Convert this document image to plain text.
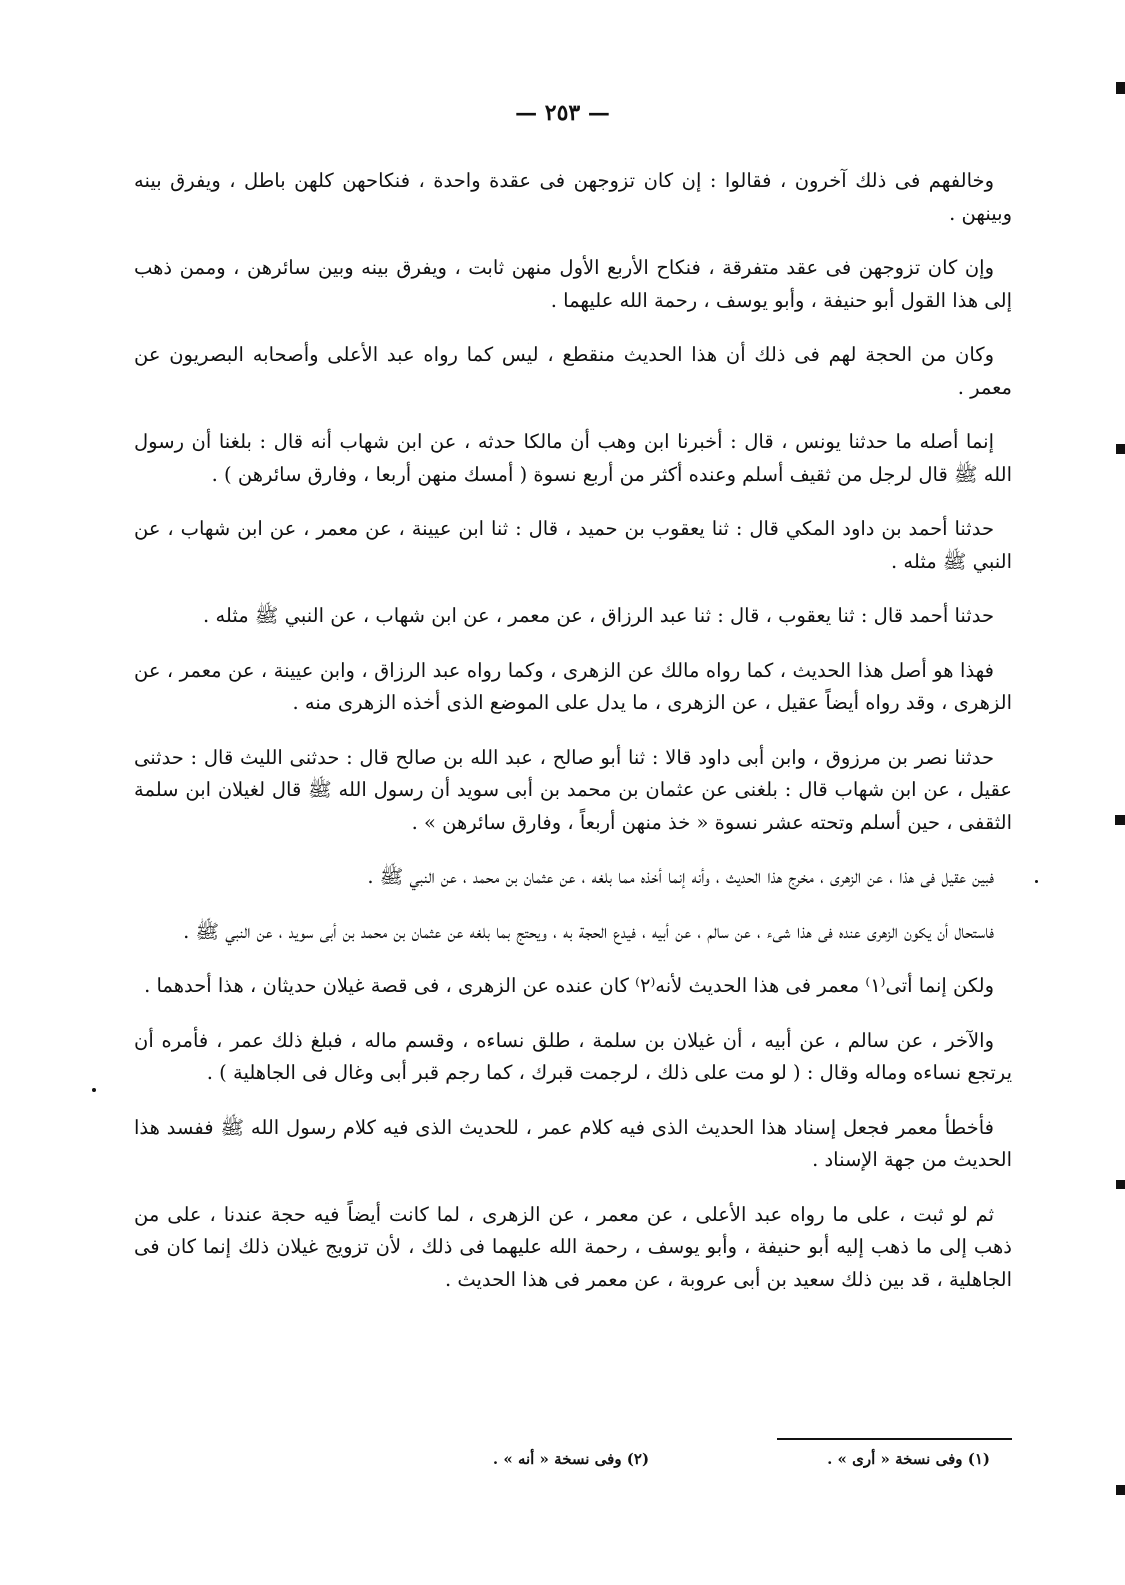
— ٢٥٣ —

وخالفهم فى ذلك آخرون ، فقالوا : إن كان تزوجهن فى عقدة واحدة ، فنكاحهن كلهن باطل ، ويفرق بينه وبينهن .

وإن كان تزوجهن فى عقد متفرقة ، فنكاح الأربع الأول منهن ثابت ، ويفرق بينه وبين سائرهن ، وممن ذهب إلى هذا القول أبو حنيفة ، وأبو يوسف ، رحمة الله عليهما .

وكان من الحجة لهم فى ذلك أن هذا الحديث منقطع ، ليس كما رواه عبد الأعلى وأصحابه البصريون عن معمر .

إنما أصله ما حدثنا يونس ، قال : أخبرنا ابن وهب أن مالكا حدثه ، عن ابن شهاب أنه قال : بلغنا أن رسول الله ﷺ قال لرجل من ثقيف أسلم وعنده أكثر من أربع نسوة ( أمسك منهن أربعا ، وفارق سائرهن ) .

حدثنا أحمد بن داود المكي قال : ثنا يعقوب بن حميد ، قال : ثنا ابن عيينة ، عن معمر ، عن ابن شهاب ، عن النبي ﷺ مثله .

حدثنا أحمد قال : ثنا يعقوب ، قال : ثنا عبد الرزاق ، عن معمر ، عن ابن شهاب ، عن النبي ﷺ مثله .

فهذا هو أصل هذا الحديث ، كما رواه مالك عن الزهرى ، وكما رواه عبد الرزاق ، وابن عيينة ، عن معمر ، عن الزهرى ، وقد رواه أيضاً عقيل ، عن الزهرى ، ما يدل على الموضع الذى أخذه الزهرى منه .

حدثنا نصر بن مرزوق ، وابن أبى داود قالا : ثنا أبو صالح ، عبد الله بن صالح قال : حدثنى الليث قال : حدثنى عقيل ، عن ابن شهاب قال : بلغنى عن عثمان بن محمد بن أبى سويد أن رسول الله ﷺ قال لغيلان ابن سلمة الثقفى ، حين أسلم وتحته عشر نسوة « خذ منهن أربعاً ، وفارق سائرهن » .

فبين عقيل فى هذا ، عن الزهرى ، مخرج هذا الحديث ، وأنه إنما أخذه مما بلغه ، عن عثمان بن محمد ، عن النبي ﷺ .

فاستحال أن يكون الزهرى عنده فى هذا شىء ، عن سالم ، عن أبيه ، فيدع الحجة به ، ويحتج بما بلغه عن عثمان بن محمد بن أبى سويد ، عن النبي ﷺ .

ولكن إنما أتى⁽١⁾ معمر فى هذا الحديث لأنه⁽٢⁾ كان عنده عن الزهرى ، فى قصة غيلان حديثان ، هذا أحدهما .

والآخر ، عن سالم ، عن أبيه ، أن غيلان بن سلمة ، طلق نساءه ، وقسم ماله ، فبلغ ذلك عمر ، فأمره أن يرتجع نساءه وماله وقال : ( لو مت على ذلك ، لرجمت قبرك ، كما رجم قبر أبى وغال فى الجاهلية ) .

فأخطأ معمر فجعل إسناد هذا الحديث الذى فيه كلام عمر ، للحديث الذى فيه كلام رسول الله ﷺ ففسد هذا الحديث من جهة الإسناد .

ثم لو ثبت ، على ما رواه عبد الأعلى ، عن معمر ، عن الزهرى ، لما كانت أيضاً فيه حجة عندنا ، على من ذهب إلى ما ذهب إليه أبو حنيفة ، وأبو يوسف ، رحمة الله عليهما فى ذلك ، لأن تزويج غيلان ذلك إنما كان فى الجاهلية ، قد بين ذلك سعيد بن أبى عروبة ، عن معمر فى هذا الحديث .

(١) وفى نسخة « أرى » .
(٢) وفى نسخة « أنه » .
